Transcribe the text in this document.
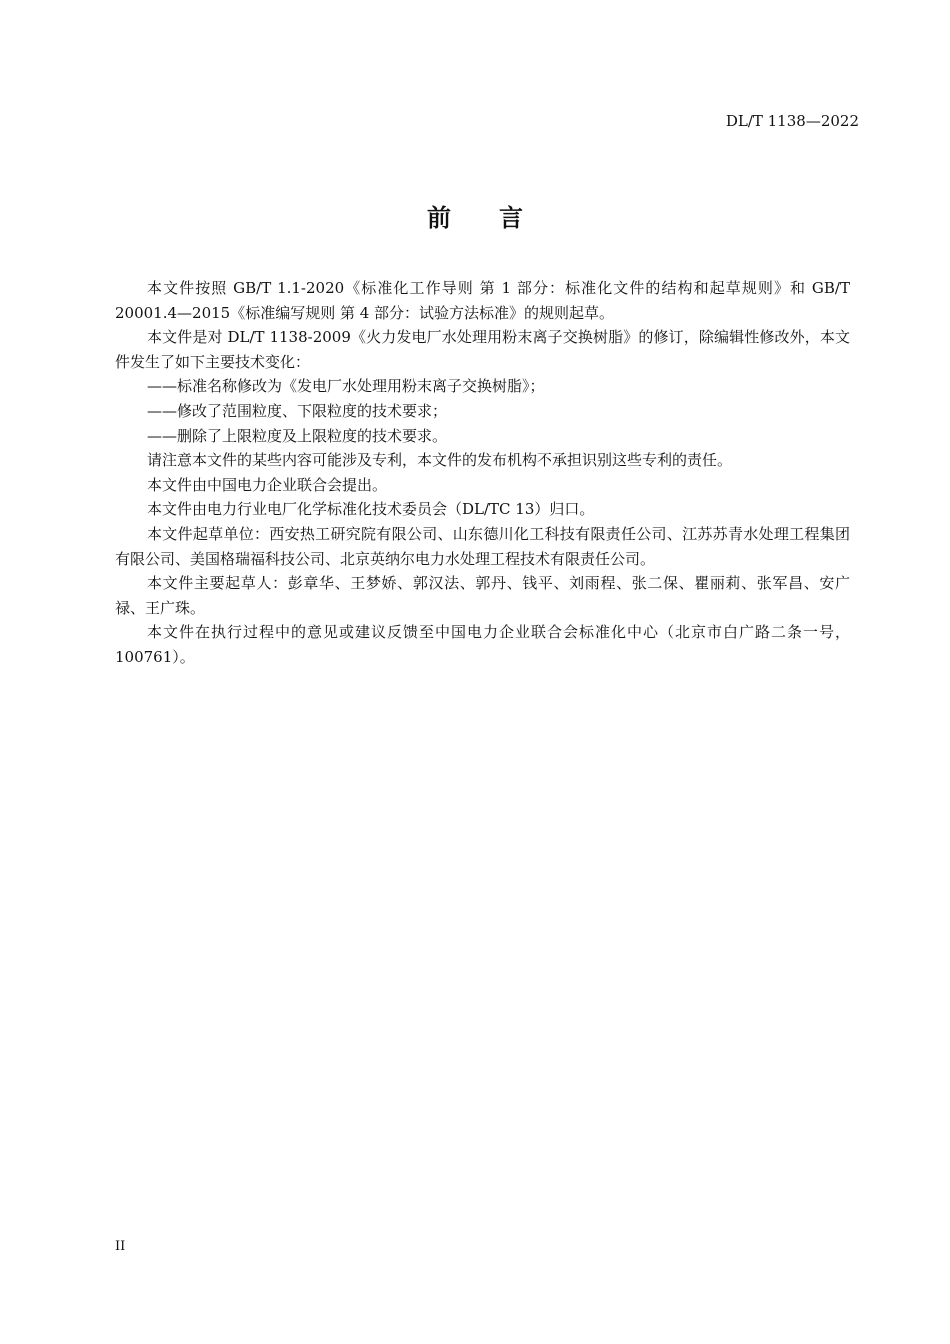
DL/T 1138—2022
前　　言

本文件按照 GB/T 1.1-2020《标准化工作导则 第 1 部分：标准化文件的结构和起草规则》和 GB/T 20001.4—2015《标准编写规则 第 4 部分：试验方法标准》的规则起草。

本文件是对 DL/T 1138-2009《火力发电厂水处理用粉末离子交换树脂》的修订，除编辑性修改外，本文件发生了如下主要技术变化：

——标准名称修改为《发电厂水处理用粉末离子交换树脂》；

——修改了范围粒度、下限粒度的技术要求；

——删除了上限粒度及上限粒度的技术要求。

请注意本文件的某些内容可能涉及专利，本文件的发布机构不承担识别这些专利的责任。

本文件由中国电力企业联合会提出。

本文件由电力行业电厂化学标准化技术委员会（DL/TC 13）归口。

本文件起草单位：西安热工研究院有限公司、山东德川化工科技有限责任公司、江苏苏青水处理工程集团有限公司、美国格瑞福科技公司、北京英纳尔电力水处理工程技术有限责任公司。

本文件主要起草人：彭章华、王梦娇、郭汉法、郭丹、钱平、刘雨程、张二保、瞿丽莉、张军昌、安广禄、王广珠。

本文件在执行过程中的意见或建议反馈至中国电力企业联合会标准化中心（北京市白广路二条一号，100761）。

II
